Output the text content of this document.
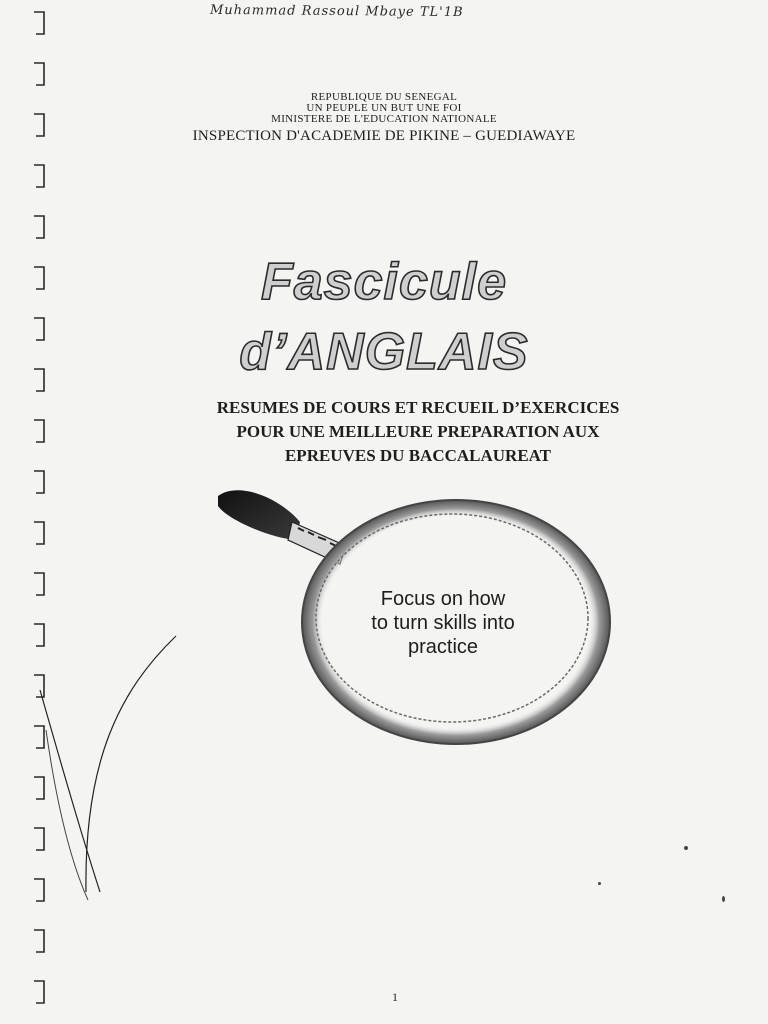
Muhammad Rassoul Mbaye TL'1B
REPUBLIQUE DU SENEGAL
UN PEUPLE UN BUT UNE FOI
MINISTERE DE L'EDUCATION NATIONALE
INSPECTION D'ACADEMIE DE PIKINE – GUEDIAWAYE
Fascicule
d’ANGLAIS
RESUMES DE COURS ET RECUEIL D’EXERCICES
POUR UNE MEILLEURE PREPARATION AUX
EPREUVES DU BACCALAUREAT
Focus on how
to turn skills into
practice
1
